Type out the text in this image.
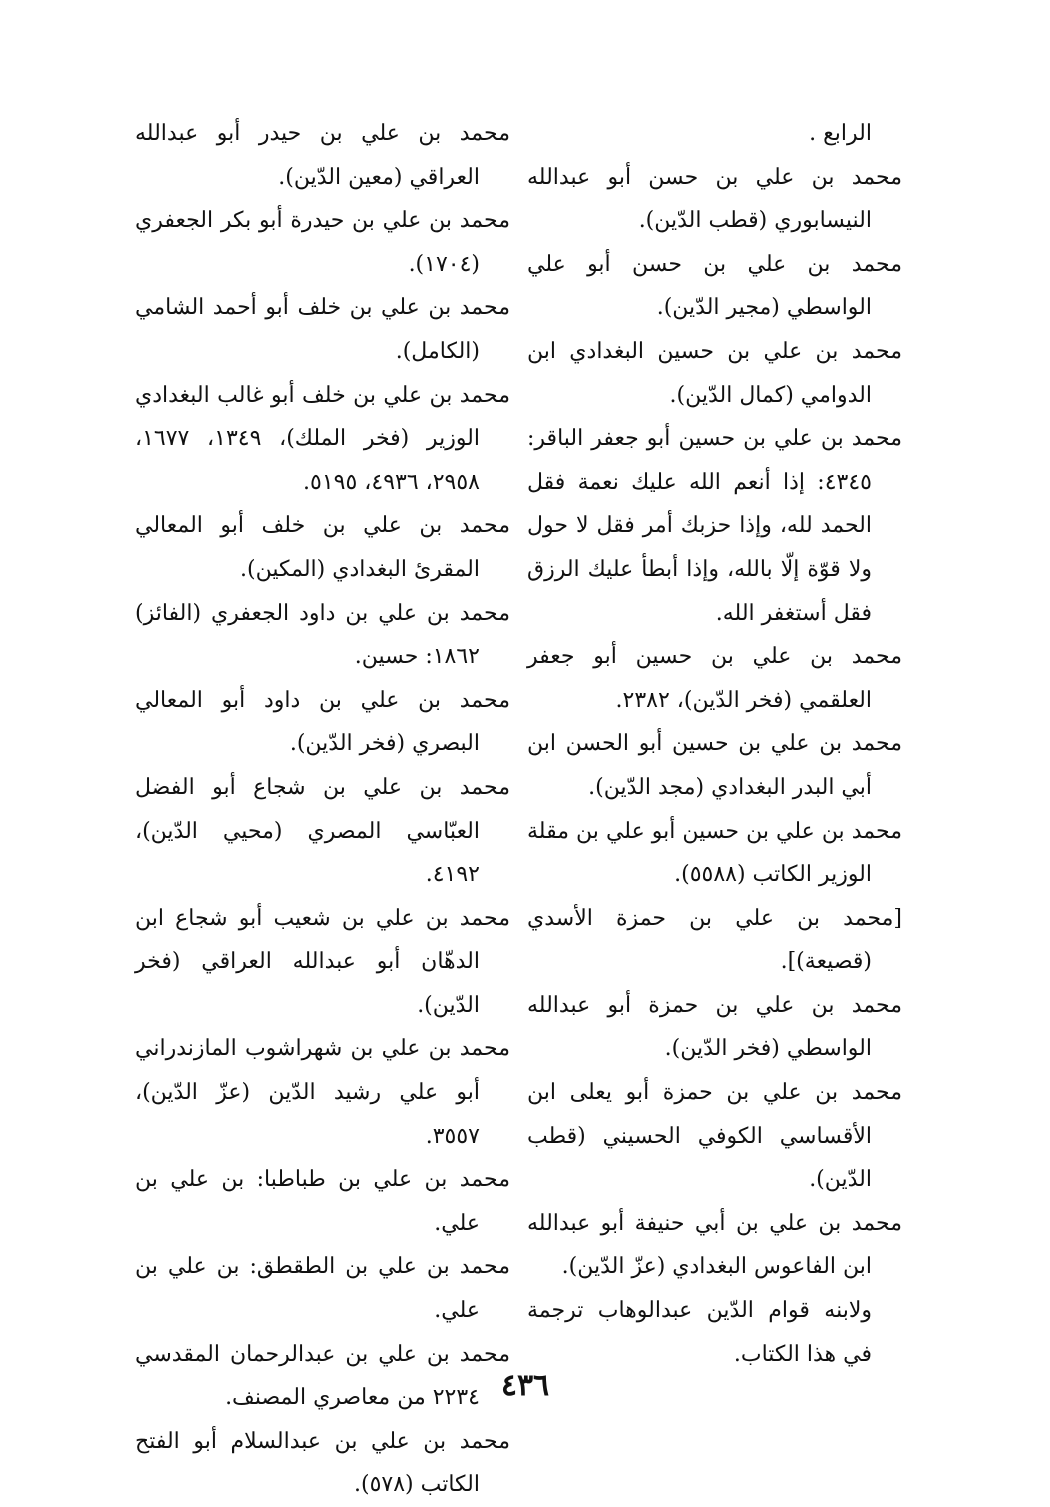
الرابع .

محمد بن علي بن حسن أبو عبدالله النيسابوري (قطب الدّين).

محمد بن علي بن حسن أبو علي الواسطي (مجير الدّين).

محمد بن علي بن حسين البغدادي ابن الدوامي (كمال الدّين).

محمد بن علي بن حسين أبو جعفر الباقر: ٤٣٤٥: إذا أنعم الله عليك نعمة فقل الحمد لله، وإذا حزبك أمر فقل لا حول ولا قوّة إلّا بالله، وإذا أبطأ عليك الرزق فقل أستغفر الله.

محمد بن علي بن حسين أبو جعفر العلقمي (فخر الدّين)، ٢٣٨٢.

محمد بن علي بن حسين أبو الحسن ابن أبي البدر البغدادي (مجد الدّين).

محمد بن علي بن حسين أبو علي بن مقلة الوزير الكاتب (٥٥٨٨).

[محمد بن علي بن حمزة الأسدي (قصيعة)].

محمد بن علي بن حمزة أبو عبدالله الواسطي (فخر الدّين).

محمد بن علي بن حمزة أبو يعلى ابن الأقساسي الكوفي الحسيني (قطب الدّين).

محمد بن علي بن أبي حنيفة أبو عبدالله ابن الفاعوس البغدادي (عزّ الدّين).

ولابنه قوام الدّين عبدالوهاب ترجمة في هذا الكتاب.

محمد بن علي بن حيدر أبو عبدالله العراقي (معين الدّين).

محمد بن علي بن حيدرة أبو بكر الجعفري (١٧٠٤).

محمد بن علي بن خلف أبو أحمد الشامي (الكامل).

محمد بن علي بن خلف أبو غالب البغدادي الوزير (فخر الملك)، ١٣٤٩، ١٦٧٧، ٢٩٥٨، ٤٩٣٦، ٥١٩٥.

محمد بن علي بن خلف أبو المعالي المقرئ البغدادي (المكين).

محمد بن علي بن داود الجعفري (الفائز) ١٨٦٢: حسين.

محمد بن علي بن داود أبو المعالي البصري (فخر الدّين).

محمد بن علي بن شجاع أبو الفضل العبّاسي المصري (محيي الدّين)، ٤١٩٢.

محمد بن علي بن شعيب أبو شجاع ابن الدهّان أبو عبدالله العراقي (فخر الدّين).

محمد بن علي بن شهراشوب المازندراني أبو علي رشيد الدّين (عزّ الدّين)، ٣٥٥٧.

محمد بن علي بن طباطبا: بن علي بن علي.

محمد بن علي بن الطقطق: بن علي بن علي.

محمد بن علي بن عبدالرحمان المقدسي ٢٢٣٤ من معاصري المصنف.

محمد بن علي بن عبدالسلام أبو الفتح الكاتب (٥٧٨).

٤٣٦
